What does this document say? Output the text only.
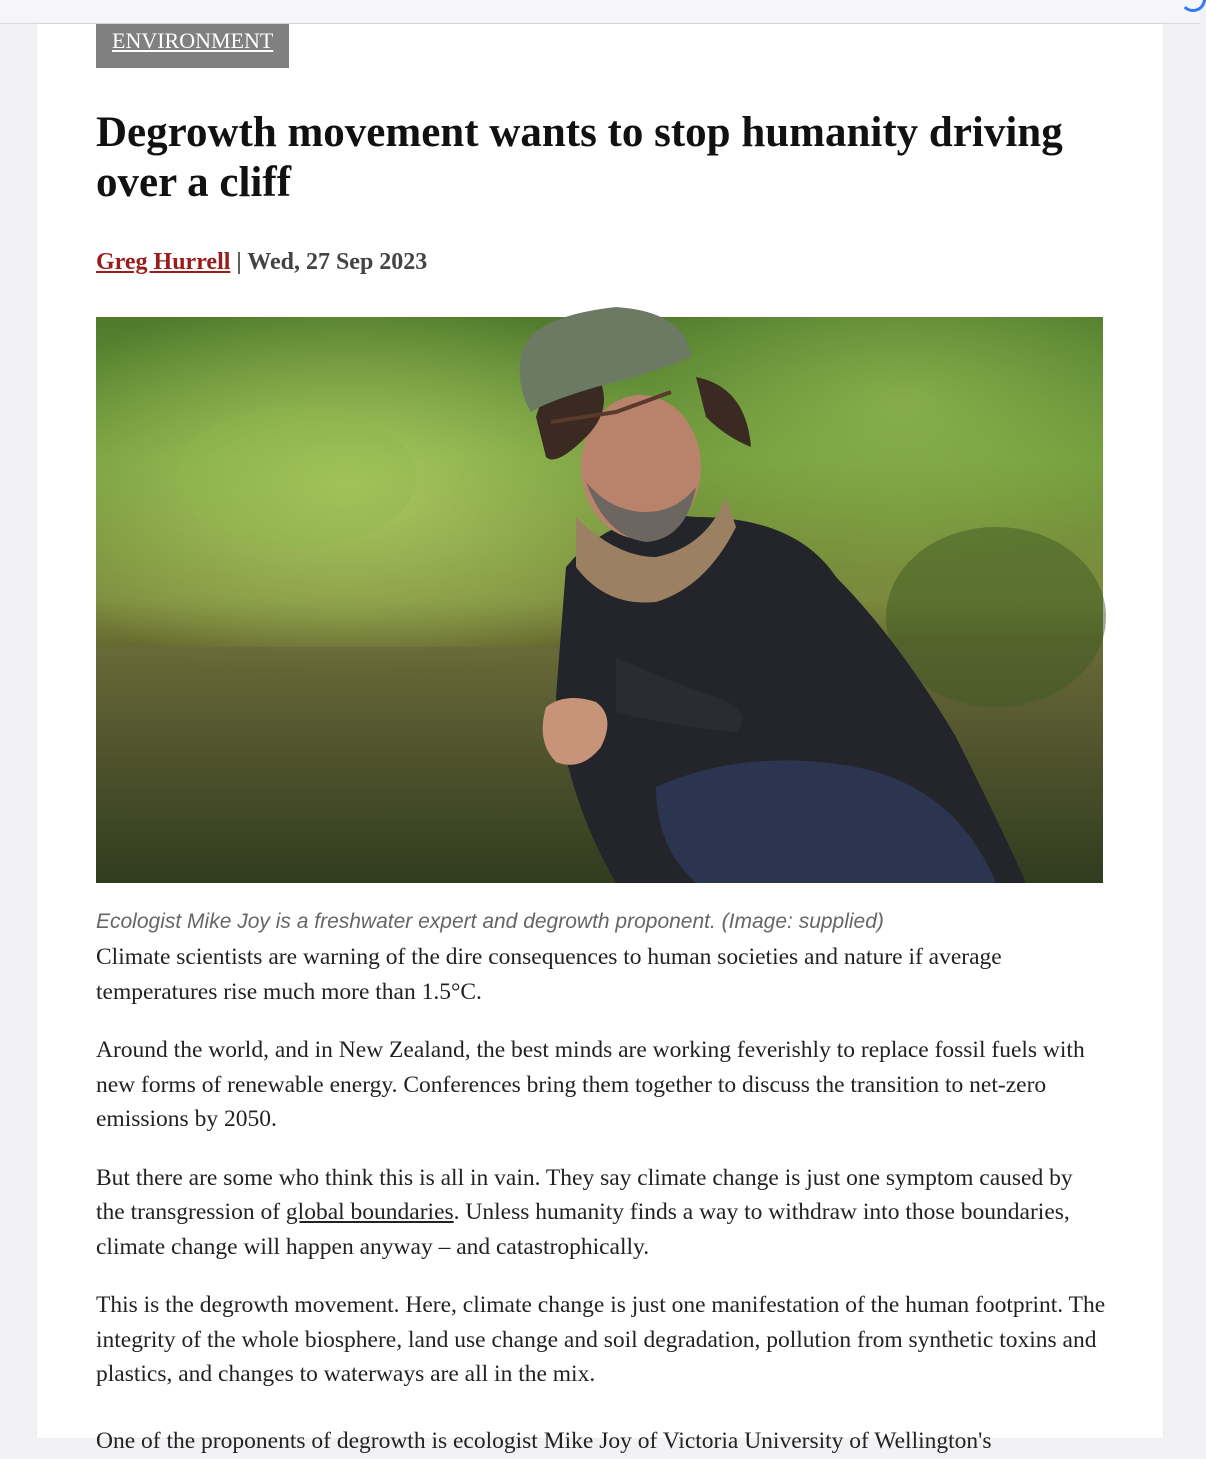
ENVIRONMENT
Degrowth movement wants to stop humanity driving over a cliff
Greg Hurrell | Wed, 27 Sep 2023
Ecologist Mike Joy is a freshwater expert and degrowth proponent. (Image: supplied)

Climate scientists are warning of the dire consequences to human societies and nature if average temperatures rise much more than 1.5°C.

Around the world, and in New Zealand, the best minds are working feverishly to replace fossil fuels with new forms of renewable energy. Conferences bring them together to discuss the transition to net-zero emissions by 2050.

But there are some who think this is all in vain. They say climate change is just one symptom caused by the transgression of global boundaries. Unless humanity finds a way to withdraw into those boundaries, climate change will happen anyway – and catastrophically.

This is the degrowth movement. Here, climate change is just one manifestation of the human footprint. The integrity of the whole biosphere, land use change and soil degradation, pollution from synthetic toxins and plastics, and changes to waterways are all in the mix.

One of the proponents of degrowth is ecologist Mike Joy of Victoria University of Wellington's
